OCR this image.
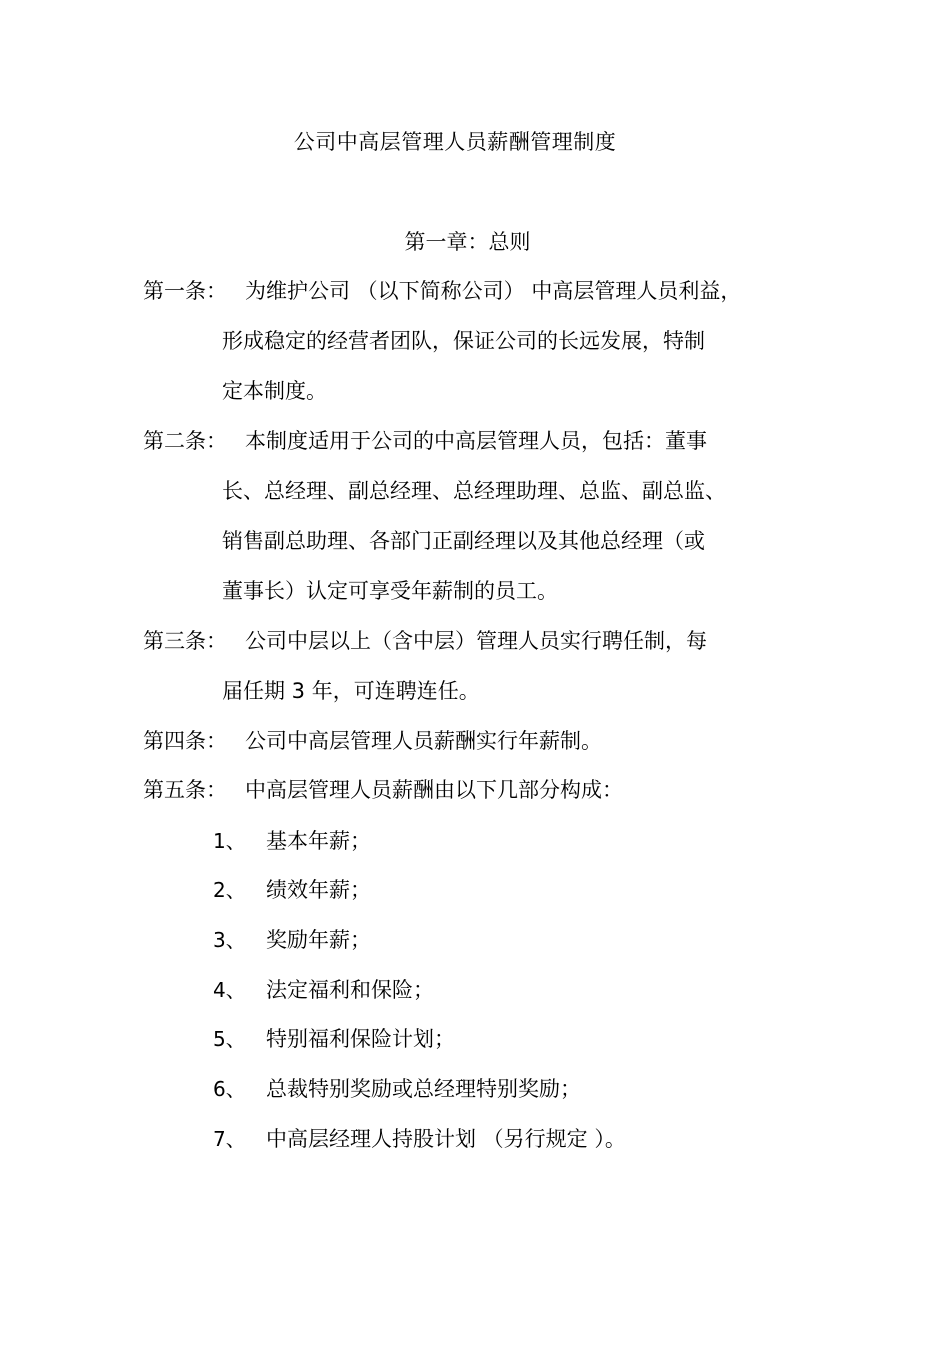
公司中高层管理人员薪酬管理制度
第一章：总则
第一条： 为维护公司 （以下简称公司） 中高层管理人员利益，
形成稳定的经营者团队，保证公司的长远发展，特制
定本制度。
第二条： 本制度适用于公司的中高层管理人员，包括：董事
长、总经理、副总经理、总经理助理、总监、副总监、
销售副总助理、各部门正副经理以及其他总经理（或
董事长）认定可享受年薪制的员工。
第三条： 公司中层以上（含中层）管理人员实行聘任制，每
届任期 3 年，可连聘连任。
第四条： 公司中高层管理人员薪酬实行年薪制。
第五条： 中高层管理人员薪酬由以下几部分构成：
1、 基本年薪；
2、 绩效年薪；
3、 奖励年薪；
4、 法定福利和保险；
5、 特别福利保险计划；
6、 总裁特别奖励或总经理特别奖励；
7、 中高层经理人持股计划 （另行规定 ）。
